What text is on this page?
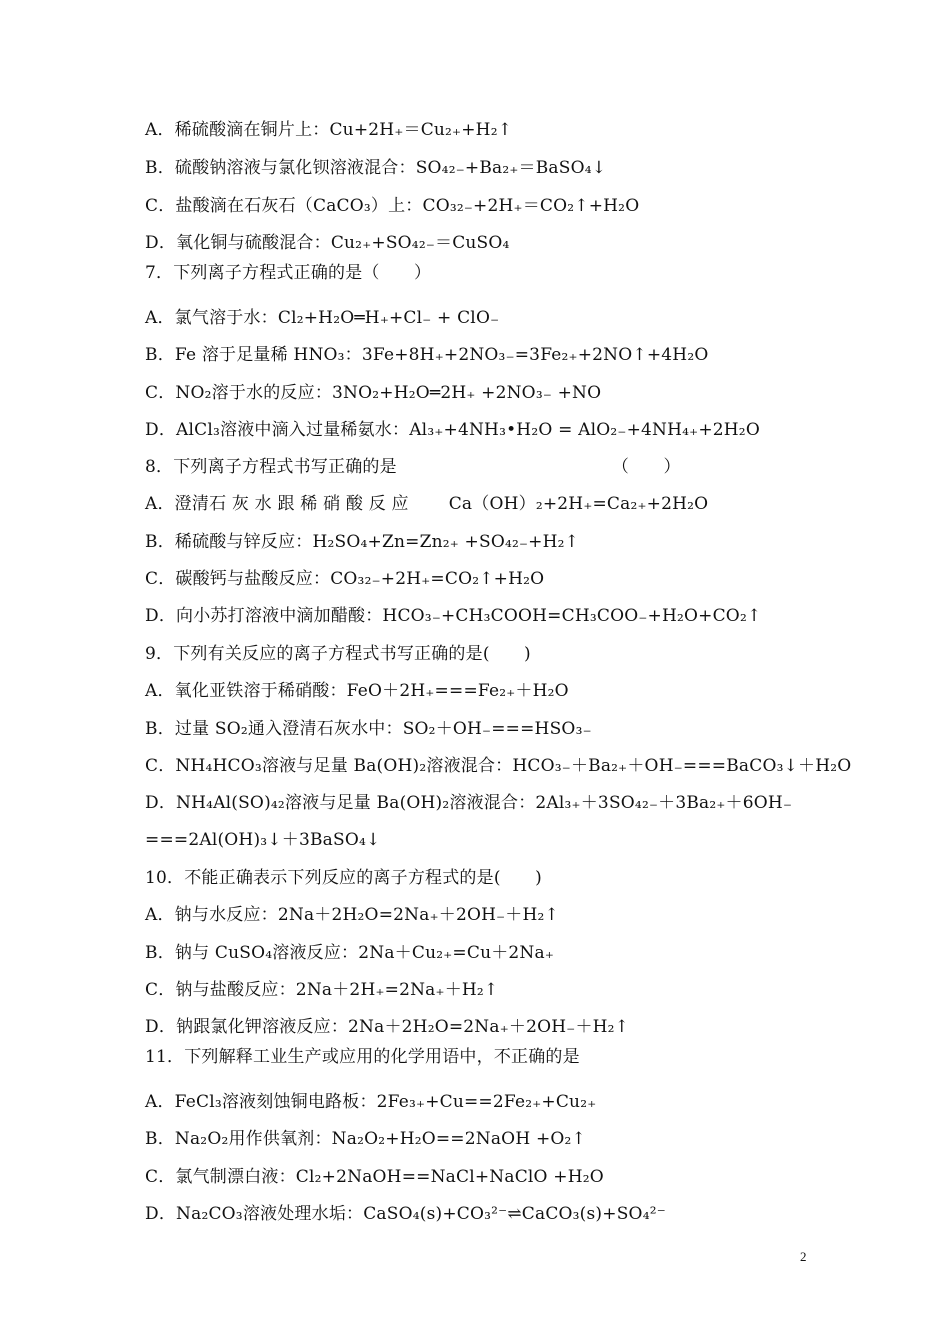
A．稀硫酸滴在铜片上：Cu+2H₊＝Cu₂₊+H₂↑
B．硫酸钠溶液与氯化钡溶液混合：SO₄₂₋+Ba₂₊＝BaSO₄↓
C．盐酸滴在石灰石（CaCO₃）上：CO₃₂₋+2H₊＝CO₂↑+H₂O
D．氧化铜与硫酸混合：Cu₂₊+SO₄₂₋＝CuSO₄
7．下列离子方程式正确的是（　　）
A．氯气溶于水：Cl₂+H₂O═H₊+Cl₋ + ClO₋
B．Fe 溶于足量稀 HNO₃：3Fe+8H₊+2NO₃₋=3Fe₂₊+2NO↑+4H₂O
C．NO₂溶于水的反应：3NO₂+H₂O═2H₊ +2NO₃₋ +NO
D．AlCl₃溶液中滴入过量稀氨水：Al₃₊+4NH₃•H₂O = AlO₂₋+4NH₄₊+2H₂O
8．下列离子方程式书写正确的是　　　　　　　　　　　　　（　　）
A．澄清石 灰 水 跟 稀 硝 酸 反 应　　 Ca（OH）₂+2H₊=Ca₂₊+2H₂O
B．稀硫酸与锌反应：H₂SO₄+Zn=Zn₂₊ +SO₄₂₋+H₂↑
C．碳酸钙与盐酸反应：CO₃₂₋+2H₊=CO₂↑+H₂O
D．向小苏打溶液中滴加醋酸：HCO₃₋+CH₃COOH=CH₃COO₋+H₂O+CO₂↑
9．下列有关反应的离子方程式书写正确的是(　　)
A．氧化亚铁溶于稀硝酸：FeO＋2H₊===Fe₂₊＋H₂O
B．过量 SO₂通入澄清石灰水中：SO₂＋OH₋===HSO₃₋
C．NH₄HCO₃溶液与足量 Ba(OH)₂溶液混合：HCO₃₋＋Ba₂₊＋OH₋===BaCO₃↓＋H₂O
D．NH₄Al(SO)₄₂溶液与足量 Ba(OH)₂溶液混合：2Al₃₊＋3SO₄₂₋＋3Ba₂₊＋6OH₋
===2Al(OH)₃↓＋3BaSO₄↓
10．不能正确表示下列反应的离子方程式的是(　　)
A．钠与水反应：2Na＋2H₂O=2Na₊＋2OH₋＋H₂↑
B．钠与 CuSO₄溶液反应：2Na＋Cu₂₊=Cu＋2Na₊
C．钠与盐酸反应：2Na＋2H₊=2Na₊＋H₂↑
D．钠跟氯化钾溶液反应：2Na＋2H₂O=2Na₊＋2OH₋＋H₂↑
11．下列解释工业生产或应用的化学用语中，不正确的是
A．FeCl₃溶液刻蚀铜电路板：2Fe₃₊+Cu==2Fe₂₊+Cu₂₊
B．Na₂O₂用作供氧剂：Na₂O₂+H₂O==2NaOH +O₂↑
C．氯气制漂白液：Cl₂+2NaOH==NaCl+NaClO +H₂O
D．Na₂CO₃溶液处理水垢：CaSO₄(s)+CO₃²⁻⇌CaCO₃(s)+SO₄²⁻
2
